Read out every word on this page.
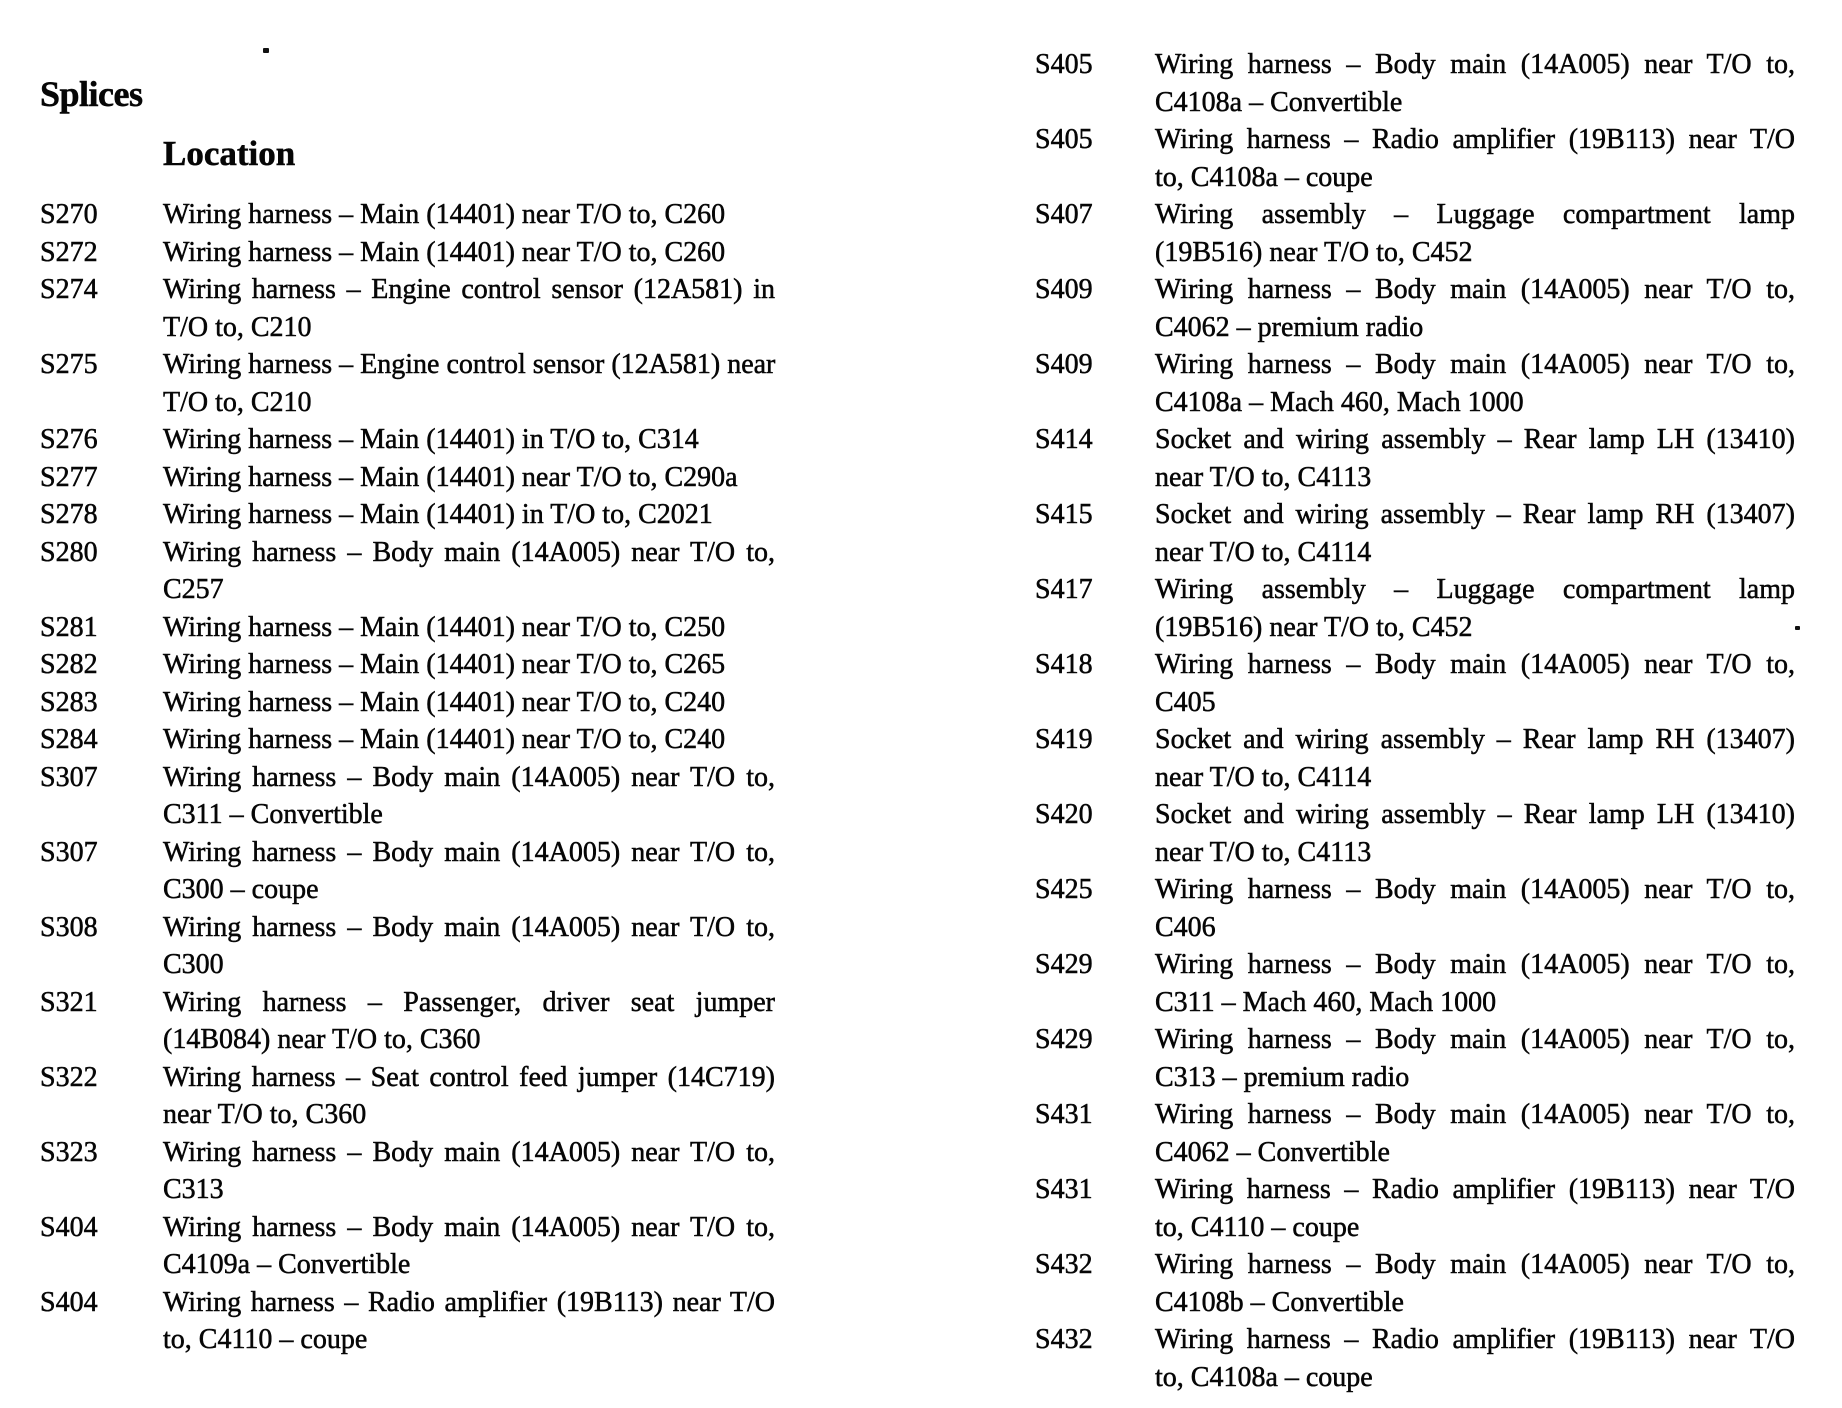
Splices
Location
S270	Wiring harness – Main (14401) near T/O to, C260
S272	Wiring harness – Main (14401) near T/O to, C260
S274	Wiring harness – Engine control sensor (12A581) in
T/O to, C210
S275	Wiring harness – Engine control sensor (12A581) near
T/O to, C210
S276	Wiring harness – Main (14401) in T/O to, C314
S277	Wiring harness – Main (14401) near T/O to, C290a
S278	Wiring harness – Main (14401) in T/O to, C2021
S280	Wiring harness – Body main (14A005) near T/O to,
C257
S281	Wiring harness – Main (14401) near T/O to, C250
S282	Wiring harness – Main (14401) near T/O to, C265
S283	Wiring harness – Main (14401) near T/O to, C240
S284	Wiring harness – Main (14401) near T/O to, C240
S307	Wiring harness – Body main (14A005) near T/O to,
C311 – Convertible
S307	Wiring harness – Body main (14A005) near T/O to,
C300 – coupe
S308	Wiring harness – Body main (14A005) near T/O to,
C300
S321	Wiring harness – Passenger, driver seat jumper
(14B084) near T/O to, C360
S322	Wiring harness – Seat control feed jumper (14C719)
near T/O to, C360
S323	Wiring harness – Body main (14A005) near T/O to,
C313
S404	Wiring harness – Body main (14A005) near T/O to,
C4109a – Convertible
S404	Wiring harness – Radio amplifier (19B113) near T/O
to, C4110 – coupe
S405	Wiring harness – Body main (14A005) near T/O to,
C4108a – Convertible
S405	Wiring harness – Radio amplifier (19B113) near T/O
to, C4108a – coupe
S407	Wiring assembly – Luggage compartment lamp
(19B516) near T/O to, C452
S409	Wiring harness – Body main (14A005) near T/O to,
C4062 – premium radio
S409	Wiring harness – Body main (14A005) near T/O to,
C4108a – Mach 460, Mach 1000
S414	Socket and wiring assembly – Rear lamp LH (13410)
near T/O to, C4113
S415	Socket and wiring assembly – Rear lamp RH (13407)
near T/O to, C4114
S417	Wiring assembly – Luggage compartment lamp
(19B516) near T/O to, C452
S418	Wiring harness – Body main (14A005) near T/O to,
C405
S419	Socket and wiring assembly – Rear lamp RH (13407)
near T/O to, C4114
S420	Socket and wiring assembly – Rear lamp LH (13410)
near T/O to, C4113
S425	Wiring harness – Body main (14A005) near T/O to,
C406
S429	Wiring harness – Body main (14A005) near T/O to,
C311 – Mach 460, Mach 1000
S429	Wiring harness – Body main (14A005) near T/O to,
C313 – premium radio
S431	Wiring harness – Body main (14A005) near T/O to,
C4062 – Convertible
S431	Wiring harness – Radio amplifier (19B113) near T/O
to, C4110 – coupe
S432	Wiring harness – Body main (14A005) near T/O to,
C4108b – Convertible
S432	Wiring harness – Radio amplifier (19B113) near T/O
to, C4108a – coupe
